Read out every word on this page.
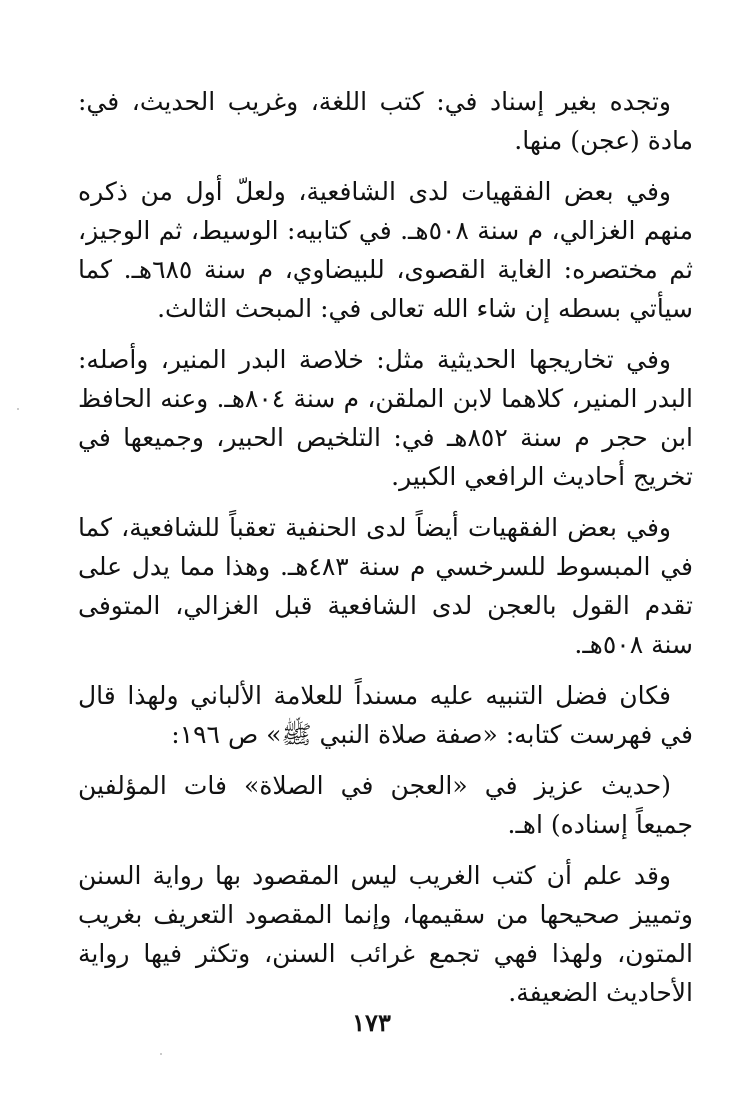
وتجده بغير إسناد في: كتب اللغة، وغريب الحديث، في: مادة (عجن) منها.

وفي بعض الفقهيات لدى الشافعية، ولعلّ أول من ذكره منهم الغزالي، م سنة ٥٠٨هـ. في كتابيه: الوسيط، ثم الوجيز، ثم مختصره: الغاية القصوى، للبيضاوي، م سنة ٦٨٥هـ. كما سيأتي بسطه إن شاء الله تعالى في: المبحث الثالث.

وفي تخاريجها الحديثية مثل: خلاصة البدر المنير، وأصله: البدر المنير، كلاهما لابن الملقن، م سنة ٨٠٤هـ. وعنه الحافظ ابن حجر م سنة ٨٥٢هـ في: التلخيص الحبير، وجميعها في تخريج أحاديث الرافعي الكبير.

وفي بعض الفقهيات أيضاً لدى الحنفية تعقباً للشافعية، كما في المبسوط للسرخسي م سنة ٤٨٣هـ. وهذا مما يدل على تقدم القول بالعجن لدى الشافعية قبل الغزالي، المتوفى سنة ٥٠٨هـ.

فكان فضل التنبيه عليه مسنداً للعلامة الألباني ولهذا قال في فهرست كتابه: «صفة صلاة النبي ﷺ» ص ١٩٦:

(حديث عزيز في «العجن في الصلاة» فات المؤلفين جميعاً إسناده) اهـ.

وقد علم أن كتب الغريب ليس المقصود بها رواية السنن وتمييز صحيحها من سقيمها، وإنما المقصود التعريف بغريب المتون، ولهذا فهي تجمع غرائب السنن، وتكثر فيها رواية الأحاديث الضعيفة.

١٧٣
